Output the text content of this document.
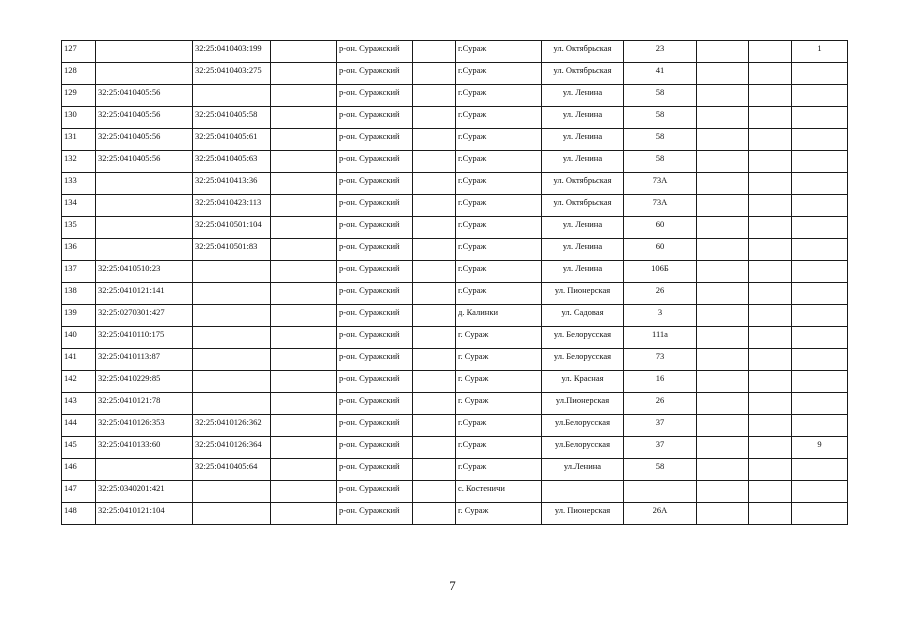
127		32:25:0410403:199		р-он. Суражский		г.Сураж	ул. Октябрьская	23			1
128		32:25:0410403:275		р-он. Суражский		г.Сураж	ул. Октябрьская	41			
129	32:25:0410405:56			р-он. Суражский		г.Сураж	ул. Ленина	58			
130	32:25:0410405:56	32:25:0410405:58		р-он. Суражский		г.Сураж	ул. Ленина	58			
131	32:25:0410405:56	32:25:0410405:61		р-он. Суражский		г.Сураж	ул. Ленина	58			
132	32:25:0410405:56	32:25:0410405:63		р-он. Суражский		г.Сураж	ул. Ленина	58			
133		32:25:0410413:36		р-он. Суражский		г.Сураж	ул. Октябрьская	73А			
134		32:25:0410423:113		р-он. Суражский		г.Сураж	ул. Октябрьская	73А			
135		32:25:0410501:104		р-он. Суражский		г.Сураж	ул. Ленина	60			
136		32:25:0410501:83		р-он. Суражский		г.Сураж	ул. Ленина	60			
137	32:25:0410510:23			р-он. Суражский		г.Сураж	ул. Ленина	106Б			
138	32:25:0410121:141			р-он. Суражский		г.Сураж	ул. Пионерская	26			
139	32:25:0270301:427			р-он. Суражский		д. Калинки	ул. Садовая	3			
140	32:25:0410110:175			р-он. Суражский		г. Сураж	ул. Белорусская	111а			
141	32:25:0410113:87			р-он. Суражский		г. Сураж	ул. Белорусская	73			
142	32:25:0410229:85			р-он. Суражский		г. Сураж	ул. Красная	16			
143	32:25:0410121:78			р-он. Суражский		г. Сураж	ул.Пионерская	26			
144	32:25:0410126:353	32:25:0410126:362		р-он. Суражский		г.Сураж	ул.Белорусская	37			
145	32:25:0410133:60	32:25:0410126:364		р-он. Суражский		г.Сураж	ул.Белорусская	37			9
146		32:25:0410405:64		р-он. Суражский		г.Сураж	ул.Ленина	58			
147	32:25:0340201:421			р-он. Суражский		с. Костеничи					
148	32:25:0410121:104			р-он. Суражский		г. Сураж	ул. Пионерская	26А			
7
